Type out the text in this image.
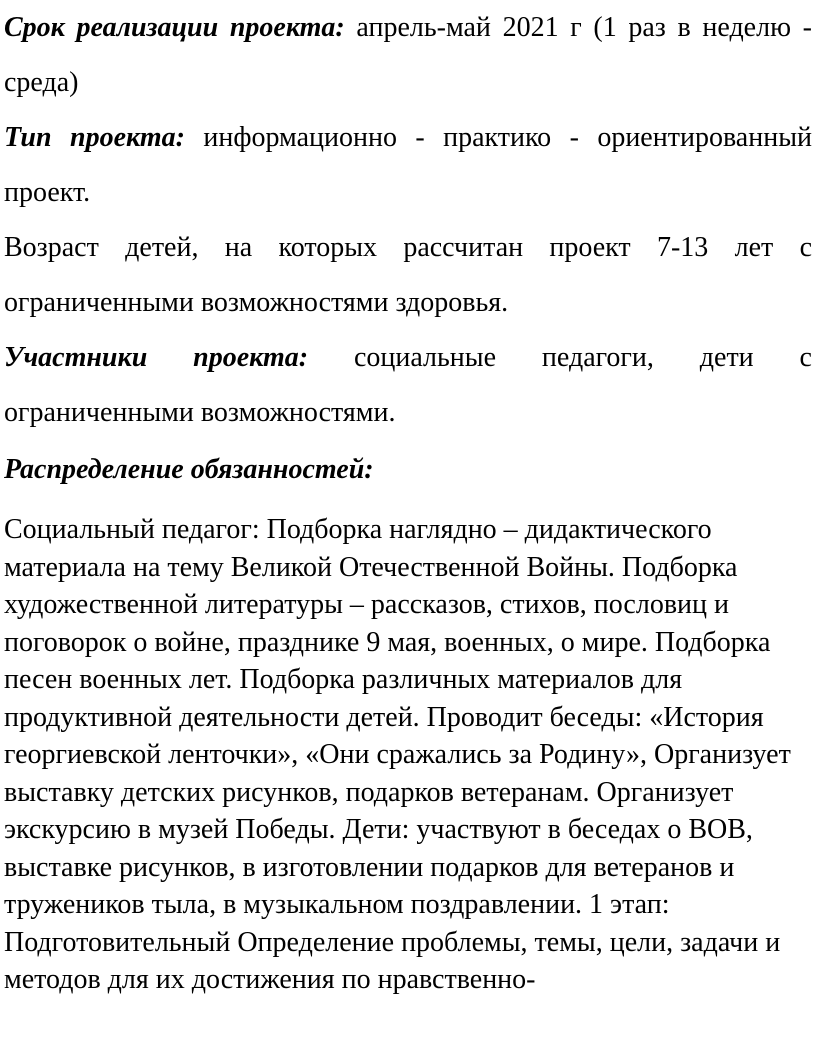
Срок реализации проекта: апрель-май 2021 г (1 раз в неделю - среда)

Тип проекта: информационно - практико - ориентированный проект.

Возраст детей, на которых рассчитан проект 7-13 лет с ограниченными возможностями здоровья.

Участники проекта: социальные педагоги, дети с ограниченными возможностями.

Распределение обязанностей:

Социальный педагог: Подборка наглядно – дидактического материала на тему Великой Отечественной Войны. Подборка художественной литературы – рассказов, стихов, пословиц и поговорок о войне, празднике 9 мая, военных, о мире. Подборка песен военных лет. Подборка различных материалов для продуктивной деятельности детей. Проводит беседы: «История георгиевской ленточки», «Они сражались за Родину», Организует выставку детских рисунков, подарков ветеранам. Организует экскурсию в музей Победы. Дети: участвуют в беседах о ВОВ, выставке рисунков, в изготовлении подарков для ветеранов и тружеников тыла, в музыкальном поздравлении. 1 этап: Подготовительный Определение проблемы, темы, цели, задачи и методов для их достижения по нравственно-
